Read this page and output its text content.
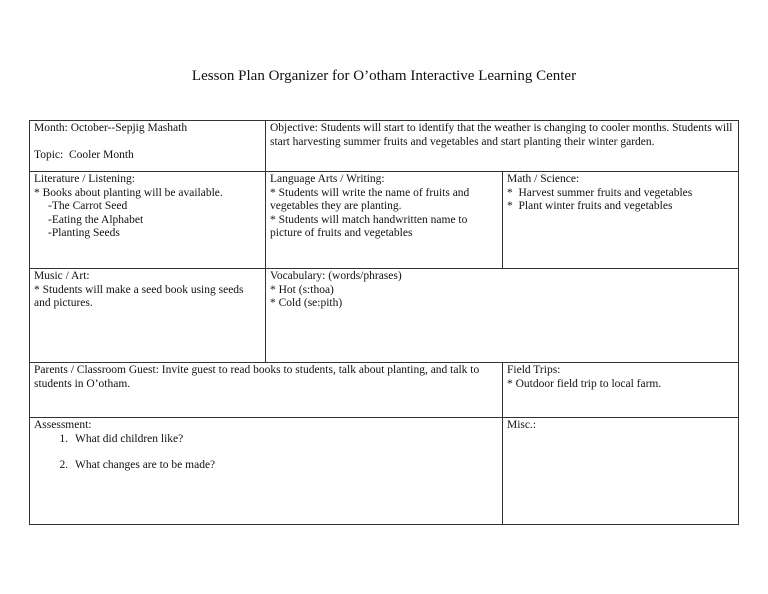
Lesson Plan Organizer for O’otham Interactive Learning Center
Month: October--Sepjig Mashath
Topic:  Cooler Month
Objective: Students will start to identify that the weather is changing to cooler months. Students will start harvesting summer fruits and vegetables and start planting their winter garden.
Literature / Listening:
* Books about planting will be available.
-The Carrot Seed
-Eating the Alphabet
-Planting Seeds
Language Arts / Writing:
* Students will write the name of fruits and vegetables they are planting.
* Students will match handwritten name to picture of fruits and vegetables
Math / Science:
*  Harvest summer fruits and vegetables
*  Plant winter fruits and vegetables
Music / Art:
* Students will make a seed book using seeds and pictures.
Vocabulary: (words/phrases)
* Hot (s:thoa)
* Cold (se:pith)
Parents / Classroom Guest: Invite guest to read books to students, talk about planting, and talk to students in O’otham.
Field Trips:
* Outdoor field trip to local farm.
Assessment:
1. What did children like?
2. What changes are to be made?
Misc.:
